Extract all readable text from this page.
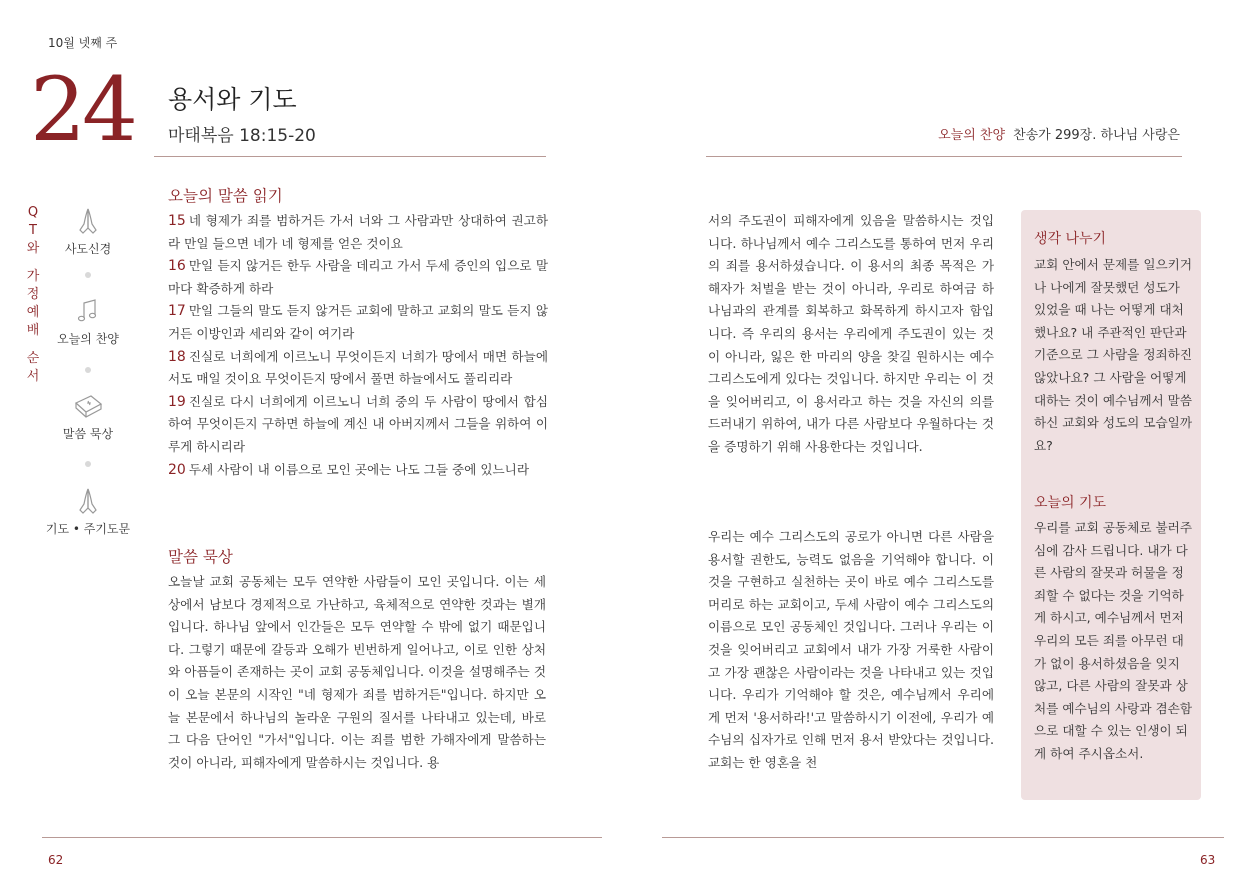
10월 넷째 주
24 용서와 기도
마태복음 18:15-20	오늘의 찬양 찬송가 299장. 하나님 사랑은
Q
T
와
가
정
예
배
순
서
사도신경
오늘의 찬양
말씀 묵상
기도 • 주기도문
오늘의 말씀 읽기
15 네 형제가 죄를 범하거든 가서 너와 그 사람과만 상대하여 권고하라 만일 들으면 네가 네 형제를 얻은 것이요
16 만일 듣지 않거든 한두 사람을 데리고 가서 두세 증인의 입으로 말마다 확증하게 하라
17 만일 그들의 말도 듣지 않거든 교회에 말하고 교회의 말도 듣지 않거든 이방인과 세리와 같이 여기라
18 진실로 너희에게 이르노니 무엇이든지 너희가 땅에서 매면 하늘에서도 매일 것이요 무엇이든지 땅에서 풀면 하늘에서도 풀리리라
19 진실로 다시 너희에게 이르노니 너희 중의 두 사람이 땅에서 합심하여 무엇이든지 구하면 하늘에 계신 내 아버지께서 그들을 위하여 이루게 하시리라
20 두세 사람이 내 이름으로 모인 곳에는 나도 그들 중에 있느니라
말씀 묵상
오늘날 교회 공동체는 모두 연약한 사람들이 모인 곳입니다. 이는 세상에서 남보다 경제적으로 가난하고, 육체적으로 연약한 것과는 별개입니다. 하나님 앞에서 인간들은 모두 연약할 수 밖에 없기 때문입니다. 그렇기 때문에 갈등과 오해가 빈번하게 일어나고, 이로 인한 상처와 아픔들이 존재하는 곳이 교회 공동체입니다. 이것을 설명해주는 것이 오늘 본문의 시작인 "네 형제가 죄를 범하거든"입니다. 하지만 오늘 본문에서 하나님의 놀라운 구원의 질서를 나타내고 있는데, 바로 그 다음 단어인 "가서"입니다. 이는 죄를 범한 가해자에게 말씀하는 것이 아니라, 피해자에게 말씀하시는 것입니다. 용
서의 주도권이 피해자에게 있음을 말씀하시는 것입니다. 하나님께서 예수 그리스도를 통하여 먼저 우리의 죄를 용서하셨습니다. 이 용서의 최종 목적은 가해자가 처벌을 받는 것이 아니라, 우리로 하여금 하나님과의 관계를 회복하고 화목하게 하시고자 함입니다. 즉 우리의 용서는 우리에게 주도권이 있는 것이 아니라, 잃은 한 마리의 양을 찾길 원하시는 예수 그리스도에게 있다는 것입니다. 하지만 우리는 이 것을 잊어버리고, 이 용서라고 하는 것을 자신의 의를 드러내기 위하여, 내가 다른 사람보다 우월하다는 것을 증명하기 위해 사용한다는 것입니다.
우리는 예수 그리스도의 공로가 아니면 다른 사람을 용서할 권한도, 능력도 없음을 기억해야 합니다. 이것을 구현하고 실천하는 곳이 바로 예수 그리스도를 머리로 하는 교회이고, 두세 사람이 예수 그리스도의 이름으로 모인 공동체인 것입니다. 그러나 우리는 이것을 잊어버리고 교회에서 내가 가장 거룩한 사람이고 가장 괜찮은 사람이라는 것을 나타내고 있는 것입니다. 우리가 기억해야 할 것은, 예수님께서 우리에게 먼저 '용서하라!'고 말씀하시기 이전에, 우리가 예수님의 십자가로 인해 먼저 용서 받았다는 것입니다. 교회는 한 영혼을 천
생각 나누기
교회 안에서 문제를 일으키거나 나에게 잘못했던 성도가 있었을 때 나는 어떻게 대처했나요? 내 주관적인 판단과 기준으로 그 사람을 정죄하진 않았나요? 그 사람을 어떻게 대하는 것이 예수님께서 말씀하신 교회와 성도의 모습일까요?
오늘의 기도
우리를 교회 공동체로 불러주심에 감사 드립니다. 내가 다른 사람의 잘못과 허물을 정죄할 수 없다는 것을 기억하게 하시고, 예수님께서 먼저 우리의 모든 죄를 아무런 대가 없이 용서하셨음을 잊지 않고, 다른 사람의 잘못과 상처를 예수님의 사랑과 겸손함으로 대할 수 있는 인생이 되게 하여 주시옵소서.
62	63
